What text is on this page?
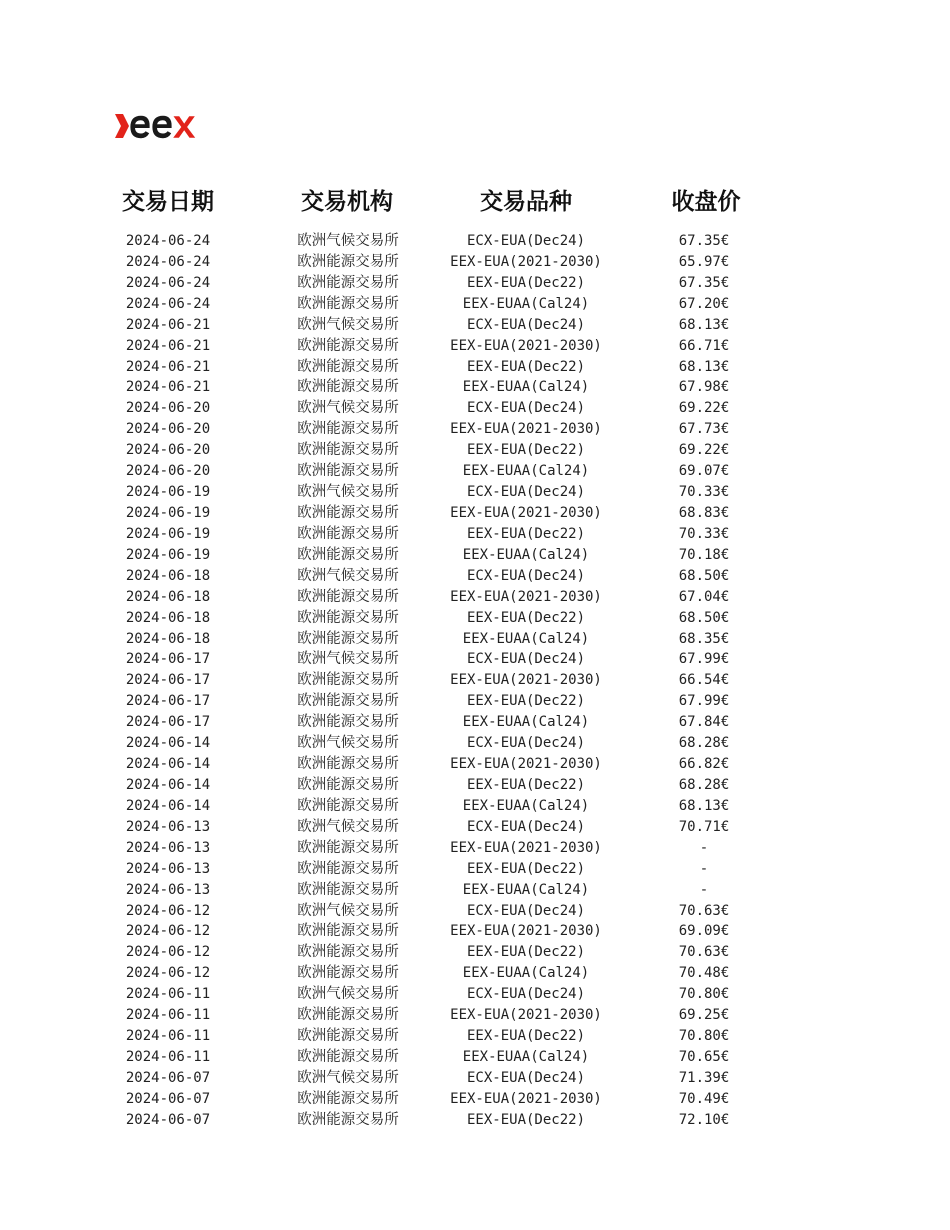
交易日期	交易机构	交易品种	收盘价
2024-06-24	欧洲气候交易所	ECX-EUA(Dec24)	67.35€
2024-06-24	欧洲能源交易所	EEX-EUA(2021-2030)	65.97€
2024-06-24	欧洲能源交易所	EEX-EUA(Dec22)	67.35€
2024-06-24	欧洲能源交易所	EEX-EUAA(Cal24)	67.20€
2024-06-21	欧洲气候交易所	ECX-EUA(Dec24)	68.13€
2024-06-21	欧洲能源交易所	EEX-EUA(2021-2030)	66.71€
2024-06-21	欧洲能源交易所	EEX-EUA(Dec22)	68.13€
2024-06-21	欧洲能源交易所	EEX-EUAA(Cal24)	67.98€
2024-06-20	欧洲气候交易所	ECX-EUA(Dec24)	69.22€
2024-06-20	欧洲能源交易所	EEX-EUA(2021-2030)	67.73€
2024-06-20	欧洲能源交易所	EEX-EUA(Dec22)	69.22€
2024-06-20	欧洲能源交易所	EEX-EUAA(Cal24)	69.07€
2024-06-19	欧洲气候交易所	ECX-EUA(Dec24)	70.33€
2024-06-19	欧洲能源交易所	EEX-EUA(2021-2030)	68.83€
2024-06-19	欧洲能源交易所	EEX-EUA(Dec22)	70.33€
2024-06-19	欧洲能源交易所	EEX-EUAA(Cal24)	70.18€
2024-06-18	欧洲气候交易所	ECX-EUA(Dec24)	68.50€
2024-06-18	欧洲能源交易所	EEX-EUA(2021-2030)	67.04€
2024-06-18	欧洲能源交易所	EEX-EUA(Dec22)	68.50€
2024-06-18	欧洲能源交易所	EEX-EUAA(Cal24)	68.35€
2024-06-17	欧洲气候交易所	ECX-EUA(Dec24)	67.99€
2024-06-17	欧洲能源交易所	EEX-EUA(2021-2030)	66.54€
2024-06-17	欧洲能源交易所	EEX-EUA(Dec22)	67.99€
2024-06-17	欧洲能源交易所	EEX-EUAA(Cal24)	67.84€
2024-06-14	欧洲气候交易所	ECX-EUA(Dec24)	68.28€
2024-06-14	欧洲能源交易所	EEX-EUA(2021-2030)	66.82€
2024-06-14	欧洲能源交易所	EEX-EUA(Dec22)	68.28€
2024-06-14	欧洲能源交易所	EEX-EUAA(Cal24)	68.13€
2024-06-13	欧洲气候交易所	ECX-EUA(Dec24)	70.71€
2024-06-13	欧洲能源交易所	EEX-EUA(2021-2030)	-
2024-06-13	欧洲能源交易所	EEX-EUA(Dec22)	-
2024-06-13	欧洲能源交易所	EEX-EUAA(Cal24)	-
2024-06-12	欧洲气候交易所	ECX-EUA(Dec24)	70.63€
2024-06-12	欧洲能源交易所	EEX-EUA(2021-2030)	69.09€
2024-06-12	欧洲能源交易所	EEX-EUA(Dec22)	70.63€
2024-06-12	欧洲能源交易所	EEX-EUAA(Cal24)	70.48€
2024-06-11	欧洲气候交易所	ECX-EUA(Dec24)	70.80€
2024-06-11	欧洲能源交易所	EEX-EUA(2021-2030)	69.25€
2024-06-11	欧洲能源交易所	EEX-EUA(Dec22)	70.80€
2024-06-11	欧洲能源交易所	EEX-EUAA(Cal24)	70.65€
2024-06-07	欧洲气候交易所	ECX-EUA(Dec24)	71.39€
2024-06-07	欧洲能源交易所	EEX-EUA(2021-2030)	70.49€
2024-06-07	欧洲能源交易所	EEX-EUA(Dec22)	72.10€
